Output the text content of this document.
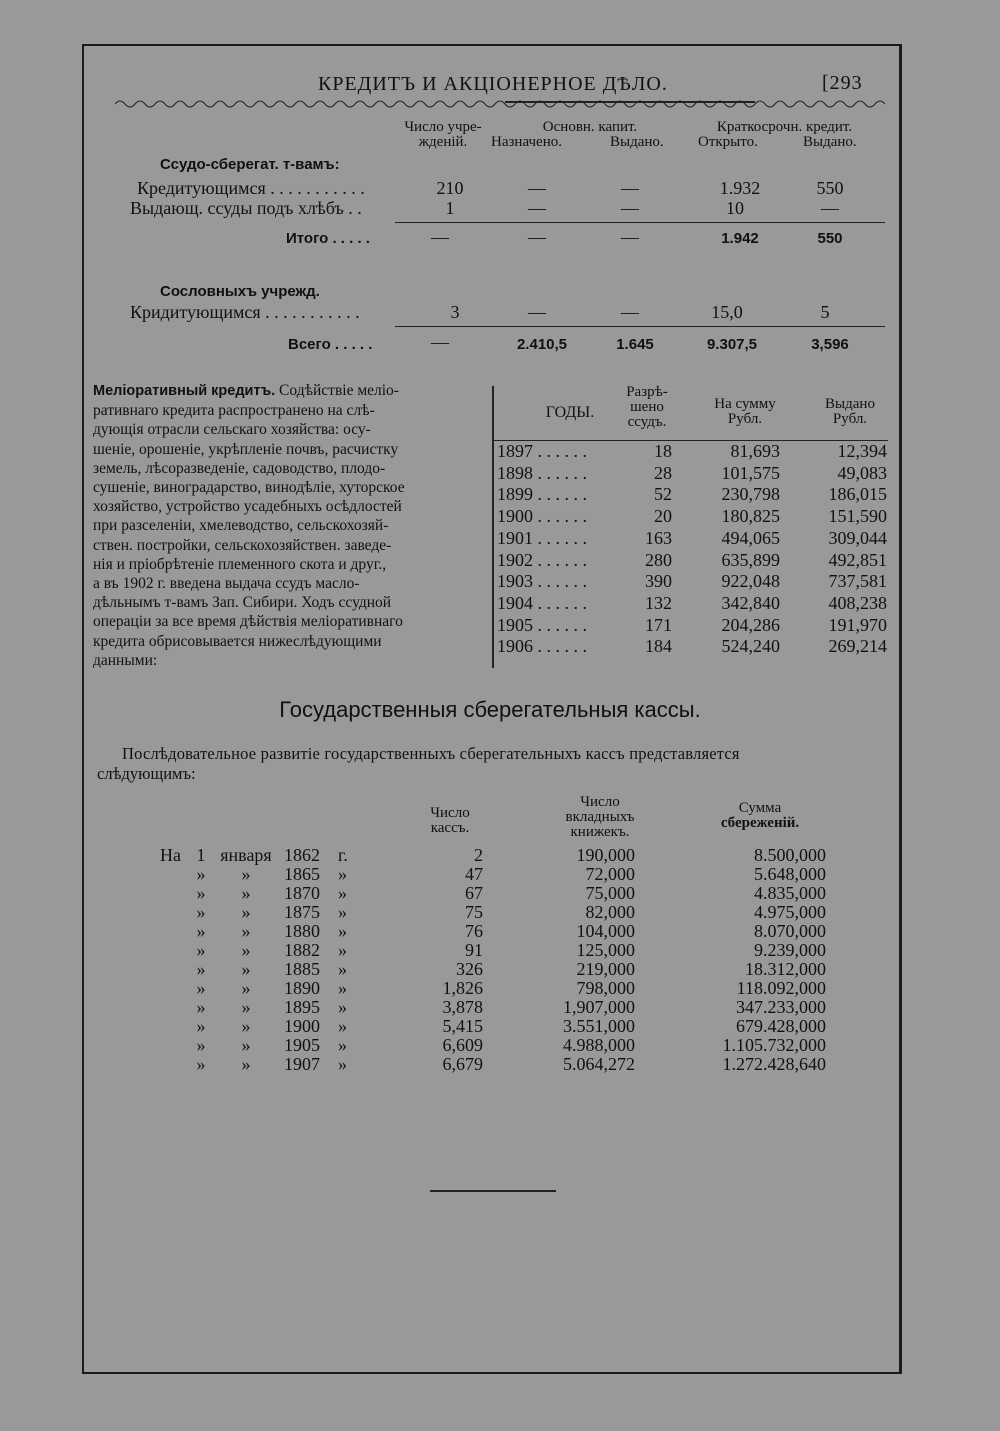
КРЕДИТЪ И АКЦІОНЕРНОЕ ДѢЛО.	[293
Число учре-
жденій.
Основн. капит.
Назначено.	Выдано.
Краткосрочн. кредит.
Открыто.	Выдано.
Ссудо-сберегат. т-вамъ:
Кредитующимся . . . . . . . . . . .	210	—	—	1.932	550
Выдающ. ссуды подъ хлѣбъ . .	1	—	—	10	—
Итого . . . . .	—	—	—	1.942	550
Сословныхъ учрежд.
Кридитующимся . . . . . . . . . . .	3	—	—	15,0	5
Всего . . . . .	—	2.410,5	1.645	9.307,5	3,596

Меліоративный кредитъ. Содѣйствіе меліо-

ративнаго кредита распространено на слѣ-

дующія отрасли сельскаго хозяйства: осу-

шеніе, орошеніе, укрѣпленіе почвъ, расчистку

земель, лѣсоразведеніе, садоводство, плодо-

сушеніе, виноградарство, винодѣліе, хуторское

хозяйство, устройство усадебныхъ осѣдлостей

при разселеніи, хмелеводство, сельскохозяй-

ствен. постройки, сельскохозяйствен. заведе-

нія и пріобрѣтеніе племенного скота и друг.,

а въ 1902 г. введена выдача ссудъ масло-

дѣльнымъ т-вамъ Зап. Сибири. Ходъ ссудной

операціи за все время дѣйствія меліоративнаго

кредита обрисовывается нижеслѣдующими

данными:

ГОДЫ.
Разрѣ-
шено
ссудъ.
На сумму
Рубл.
Выдано
Рубл.
1897 . . . . . .	18	81,693	12,394
1898 . . . . . .	28	101,575	49,083
1899 . . . . . .	52	230,798	186,015
1900 . . . . . .	20	180,825	151,590
1901 . . . . . .	163	494,065	309,044
1902 . . . . . .	280	635,899	492,851
1903 . . . . . .	390	922,048	737,581
1904 . . . . . .	132	342,840	408,238
1905 . . . . . .	171	204,286	191,970
1906 . . . . . .	184	524,240	269,214
Государственныя сберегательныя кассы.
Послѣдовательное развитіе государственныхъ сберегательныхъ кассъ представляется
слѣдующимъ:
Число
кассъ.
Число
вкладныхъ
книжекъ.
Сумма
сбереженій.
На 1 января 1862	г.	2	190,000	8.500,000
»	»	1865	»	47	72,000	5.648,000
»	»	1870	»	67	75,000	4.835,000
»	»	1875	»	75	82,000	4.975,000
»	»	1880	»	76	104,000	8.070,000
»	»	1882	»	91	125,000	9.239,000
»	»	1885	»	326	219,000	18.312,000
»	»	1890	»	1,826	798,000	118.092,000
»	»	1895	»	3,878	1,907,000	347.233,000
»	»	1900	»	5,415	3.551,000	679.428,000
»	»	1905	»	6,609	4.988,000	1.105.732,000
»	»	1907	»	6,679	5.064,272	1.272.428,640
